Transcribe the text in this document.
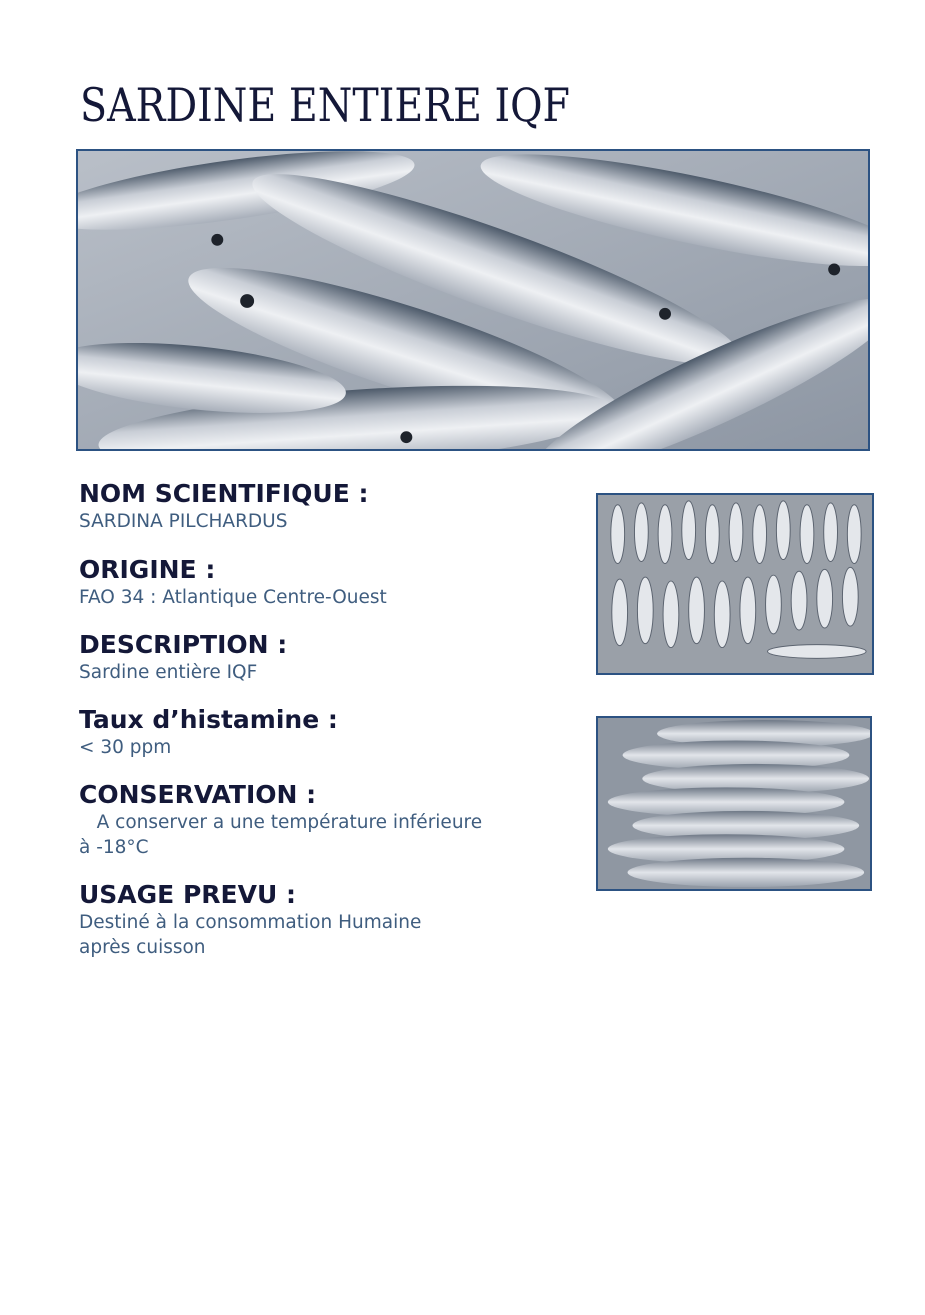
SARDINE ENTIERE IQF
NOM SCIENTIFIQUE :
SARDINA PILCHARDUS
ORIGINE :
FAO 34 : Atlantique Centre-Ouest
DESCRIPTION :
Sardine entière IQF
Taux d’histamine :
< 30 ppm
CONSERVATION :
A conserver a une température inférieure
à -18°C
USAGE PREVU :
Destiné à la consommation Humaine
après cuisson
